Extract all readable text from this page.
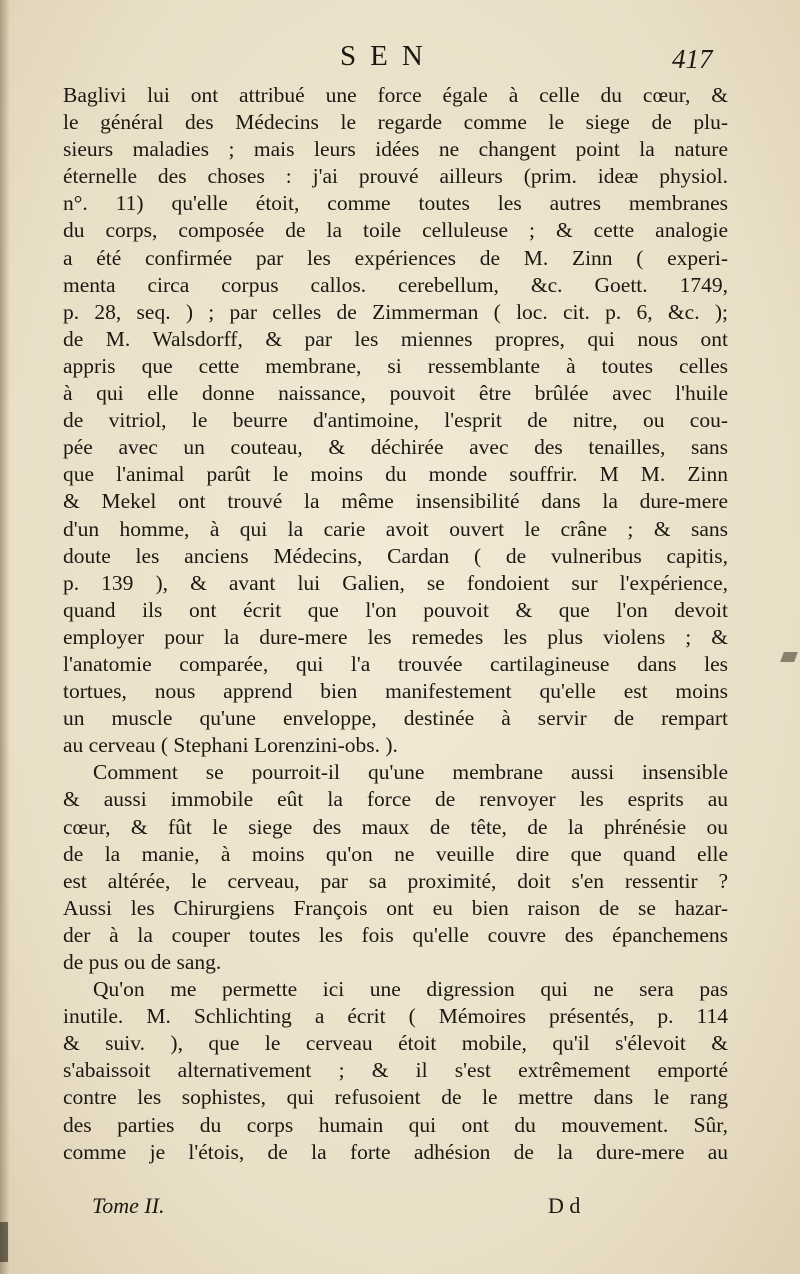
SEN	417
Baglivi lui ont attribué une force égale à celle du cœur, &
le général des Médecins le regarde comme le siege de plu-
sieurs maladies ; mais leurs idées ne changent point la nature
éternelle des choses : j'ai prouvé ailleurs (prim. ideæ physiol.
n°. 11) qu'elle étoit, comme toutes les autres membranes
du corps, composée de la toile celluleuse ; & cette analogie
a été confirmée par les expériences de M. Zinn ( experi-
menta circa corpus callos. cerebellum, &c. Goett. 1749,
p. 28, seq. ) ; par celles de Zimmerman ( loc. cit. p. 6, &c. );
de M. Walsdorff, & par les miennes propres, qui nous ont
appris que cette membrane, si ressemblante à toutes celles
à qui elle donne naissance, pouvoit être brûlée avec l'huile
de vitriol, le beurre d'antimoine, l'esprit de nitre, ou cou-
pée avec un couteau, & déchirée avec des tenailles, sans
que l'animal parût le moins du monde souffrir. M M. Zinn
& Mekel ont trouvé la même insensibilité dans la dure-mere
d'un homme, à qui la carie avoit ouvert le crâne ; & sans
doute les anciens Médecins, Cardan ( de vulneribus capitis,
p. 139 ), & avant lui Galien, se fondoient sur l'expérience,
quand ils ont écrit que l'on pouvoit & que l'on devoit
employer pour la dure-mere les remedes les plus violens ; &
l'anatomie comparée, qui l'a trouvée cartilagineuse dans les
tortues, nous apprend bien manifestement qu'elle est moins
un muscle qu'une enveloppe, destinée à servir de rempart
au cerveau ( Stephani Lorenzini-obs. ).
Comment se pourroit-il qu'une membrane aussi insensible
& aussi immobile eût la force de renvoyer les esprits au
cœur, & fût le siege des maux de tête, de la phrénésie ou
de la manie, à moins qu'on ne veuille dire que quand elle
est altérée, le cerveau, par sa proximité, doit s'en ressentir ?
Aussi les Chirurgiens François ont eu bien raison de se hazar-
der à la couper toutes les fois qu'elle couvre des épanchemens
de pus ou de sang.
Qu'on me permette ici une digression qui ne sera pas
inutile. M. Schlichting a écrit ( Mémoires présentés, p. 114
& suiv. ), que le cerveau étoit mobile, qu'il s'élevoit &
s'abaissoit alternativement ; & il s'est extrêmement emporté
contre les sophistes, qui refusoient de le mettre dans le rang
des parties du corps humain qui ont du mouvement. Sûr,
comme je l'étois, de la forte adhésion de la dure-mere au
Tome II.	D d
